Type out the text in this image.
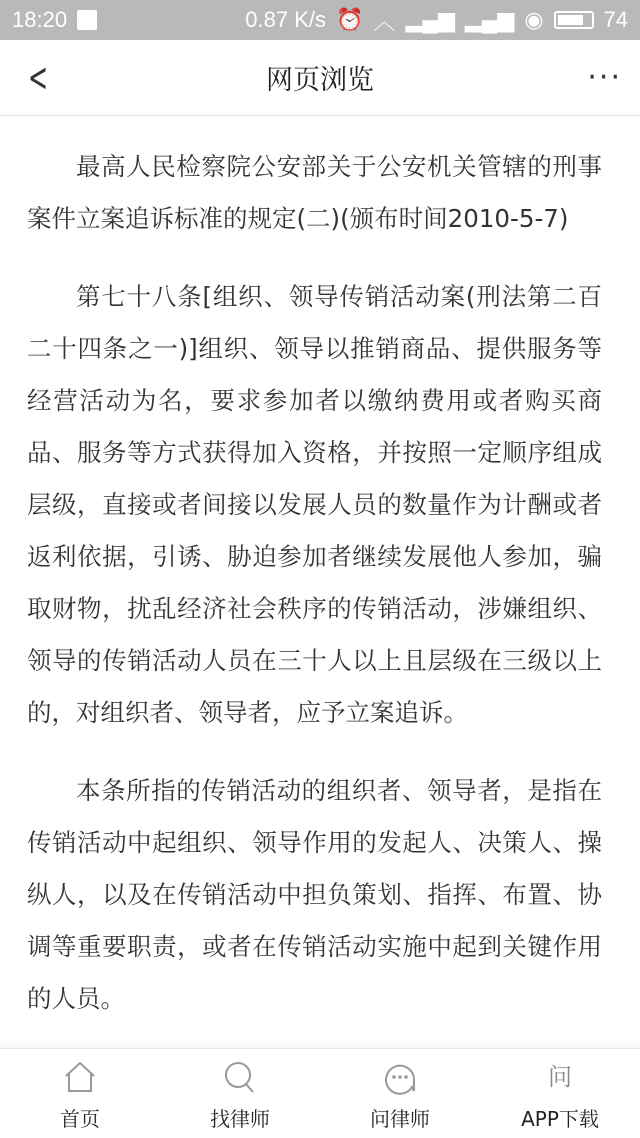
18:20	0.87 K/s ⏰ ︿ ▂▄▆ ▂▄▆ ◉	74
<	网页浏览	···

最高人民检察院公安部关于公安机关管辖的刑事案件立案追诉标准的规定(二)(颁布时间2010-5-7)

第七十八条[组织、领导传销活动案(刑法第二百二十四条之一)]组织、领导以推销商品、提供服务等经营活动为名，要求参加者以缴纳费用或者购买商品、服务等方式获得加入资格，并按照一定顺序组成层级，直接或者间接以发展人员的数量作为计酬或者返利依据，引诱、胁迫参加者继续发展他人参加，骗取财物，扰乱经济社会秩序的传销活动，涉嫌组织、领导的传销活动人员在三十人以上且层级在三级以上的，对组织者、领导者，应予立案追诉。

本条所指的传销活动的组织者、领导者，是指在传销活动中起组织、领导作用的发起人、决策人、操纵人，以及在传销活动中担负策划、指挥、布置、协调等重要职责，或者在传销活动实施中起到关键作用的人员。

首页	找律师	问律师
问
APP下载
